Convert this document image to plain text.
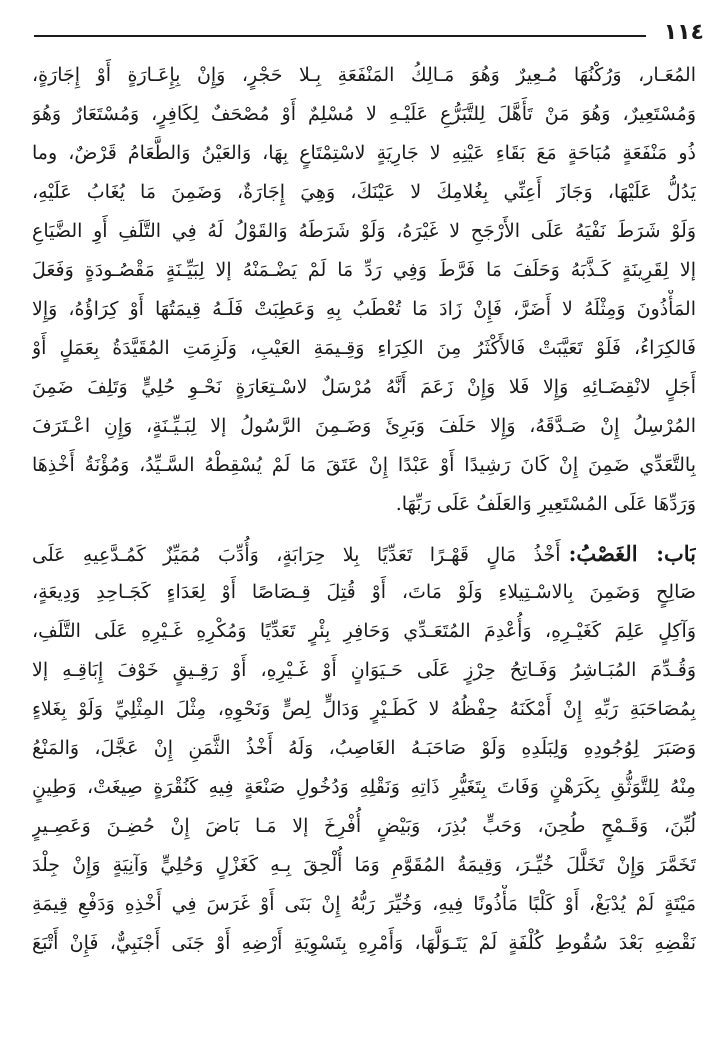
١١٤
المُعَـار، وَرُكْنُهَا مُـعِيرٌ وَهُوَ مَـالِكُ المَنْفَعَةِ بِـلا حَجْرٍ، وَإِنْ بِإِعَـارَةٍ أَوْ إِجَارَةٍ،
وَمُسْتَعِيرٌ، وَهُوَ مَنْ تَأَهَّلَ لِلتَّبَرُّعِ عَلَيْـهِ لا مُسْلِمٌ أَوْ مُصْحَفٌ لِكَافِرٍ، وَمُسْتَعَارٌ وَهُوَ
ذُو مَنْفَعَةٍ مُبَاحَةٍ مَعَ بَقَاءِ عَيْنِهِ لا جَارِيَةٍ لاسْتِمْتَاعٍ بِهَا، وَالعَيْنُ وَالطَّعَامُ قَرْضٌ، وما
يَدُلُّ عَلَيْهَا، وَجَازَ أَعِنِّي بِغُلامِكَ لا عَيْنَكَ، وَهِيَ إِجَارَةٌ، وَضَمِنَ مَا يُغَابُ عَلَيْهِ،
وَلَوْ شَرَطَ نَفْيَهُ عَلَى الأَرْجَحِ لا غَيْرَهُ، وَلَوْ شَرَطَهُ وَالقَوْلُ لَهُ فِي التَّلَفِ أَوِ الضَّيَاعِ
إلا لِقَرِينَةٍ كَـذَّبَهُ وَحَلَفَ مَا فَرَّطَ وَفِي رَدِّ مَا لَمْ يَضْـمَنْهُ إلا لِبَيِّـنَةٍ مَقْصُـودَةٍ وَفَعَلَ
المَأْذُونَ وَمِثْلَهُ لا أَضَرَّ، فَإِنْ زَادَ مَا تُعْطَبُ بِهِ وَعَطِبَتْ فَلَـهُ قِيمَتُهَا أَوْ كِرَاؤُهُ، وَإِلا
فَالكِرَاءُ، فَلَوْ تَعَيَّبَتْ فَالأَكْثَرُ مِنَ الكِرَاءِ وَقِـيمَةِ العَيْبِ، وَلَزِمَتِ المُقَيَّدَةُ بِعَمَلٍ أَوْ
أَجَلٍ لانْقِضَـائِهِ وَإِلا فَلا وَإِنْ زَعَمَ أَنَّهُ مُرْسَلٌ لاسْـتِعَارَةٍ نَحْـوِ حُلِيٍّ وَتَلِفَ ضَمِنَ
المُرْسِلُ إِنْ صَـدَّقَهُ، وَإِلا حَلَفَ وَبَرِئَ وَضَـمِنَ الرَّسُولُ إلا لِبَـيِّـنَةٍ، وَإِنِ اعْـتَرَفَ
بِالتَّعَدِّي ضَمِنَ إِنْ كَانَ رَشِيدًا أَوْ عَبْدًا إِنْ عَتَقَ مَا لَمْ يُسْقِطْهُ السَّـيِّدُ، وَمُؤْنَةُ أَخْذِهَا
وَرَدِّهَا عَلَى المُسْتَعِيرِ وَالعَلَفُ عَلَى رَبِّهَا.
بَاب: الغَصْبُ:أَخْذُ مَالٍ قَهْـرًا تَعَدِّيًا بِلا حِرَابَةٍ، وَأُدِّبَ مُمَيِّزٌ كَمُـدَّعِيهِ عَلَى
صَالِحٍ وَضَمِنَ بِالاسْـتِيلاءِ وَلَوْ مَاتَ، أَوْ قُتِلَ قِـصَاصًا أَوْ لِعَدَاءٍ كَجَـاحِدِ وَدِيعَةٍ،
وَآكِلٍ عَلِمَ كَغَيْـرِهِ، وَأُعْدِمَ المُتَعَـدِّي وَحَافِرِ بِئْرٍ تَعَدِّيًا وَمُكْرِهِ غَـيْرِهِ عَلَى التَّلَفِ،
وَقُـدِّمَ المُبَـاشِرُ وَفَـاتِحُ حِرْزٍ عَلَى حَـيَوَانٍ أَوْ غَـيْرِهِ، أَوْ رَقِـيقٍ خَوْفَ إِبَاقِـهِ إلا
بِمُصَاحَبَةِ رَبِّهِ إِنْ أَمْكَنَهُ حِفْظُهُ لا كَطَـيْرٍ وَدَالٍّ لِصٍّ وَنَحْوِهِ، مِثْلَ المِثْلِيِّ وَلَوْ بِغَلاءٍ
وَصَبَرَ لِوُجُودِهِ وَلِبَلَدِهِ وَلَوْ صَاحَبَـهُ الغَاصِبُ، وَلَهُ أَخْذُ الثَّمَنِ إِنْ عَجَّلَ، وَالمَنْعُ
مِنْهُ لِلتَّوَثُّقِ بِكَرَهْنٍ وَفَاتَ بِتَغَيُّرِ ذَاتِهِ وَنَقْلِهِ وَدُخُولِ صَنْعَةٍ فِيهِ كَنُقْرَةٍ صِيغَتْ، وَطِينٍ
لُبِّنَ، وَقَـمْحٍ طُحِنَ، وَحَبٍّ بُذِرَ، وَبَيْضٍ أُفْرِخَ إلا مَـا بَاضَ إِنْ حُضِـنَ وَعَصِـيرٍ
تَخَمَّرَ وَإِنْ تَخَلَّلَ خُيِّـرَ، وَقِيمَةُ المُقَوَّمِ وَمَا أُلْحِقَ بِـهِ كَغَزْلٍ وَحُلِيٍّ وَآنِيَةٍ وَإِنْ جِلْدَ
مَيْتَةٍ لَمْ يُدْبَغْ، أَوْ كَلْبًا مَأْذُونًا فِيهِ، وَخُيِّرَ رَبُّهُ إِنْ بَنَى أَوْ غَرَسَ فِي أَخْذِهِ وَدَفْعِ قِيمَةِ
نَقْضِهِ بَعْدَ سُقُوطِ كُلْفَةٍ لَمْ يَتَـوَلَّهَا، وَأَمْرِهِ بِتَسْوِيَةِ أَرْضِهِ أَوْ جَنَى أَجْنَبِيٌّ، فَإِنْ أَتْبَعَ
